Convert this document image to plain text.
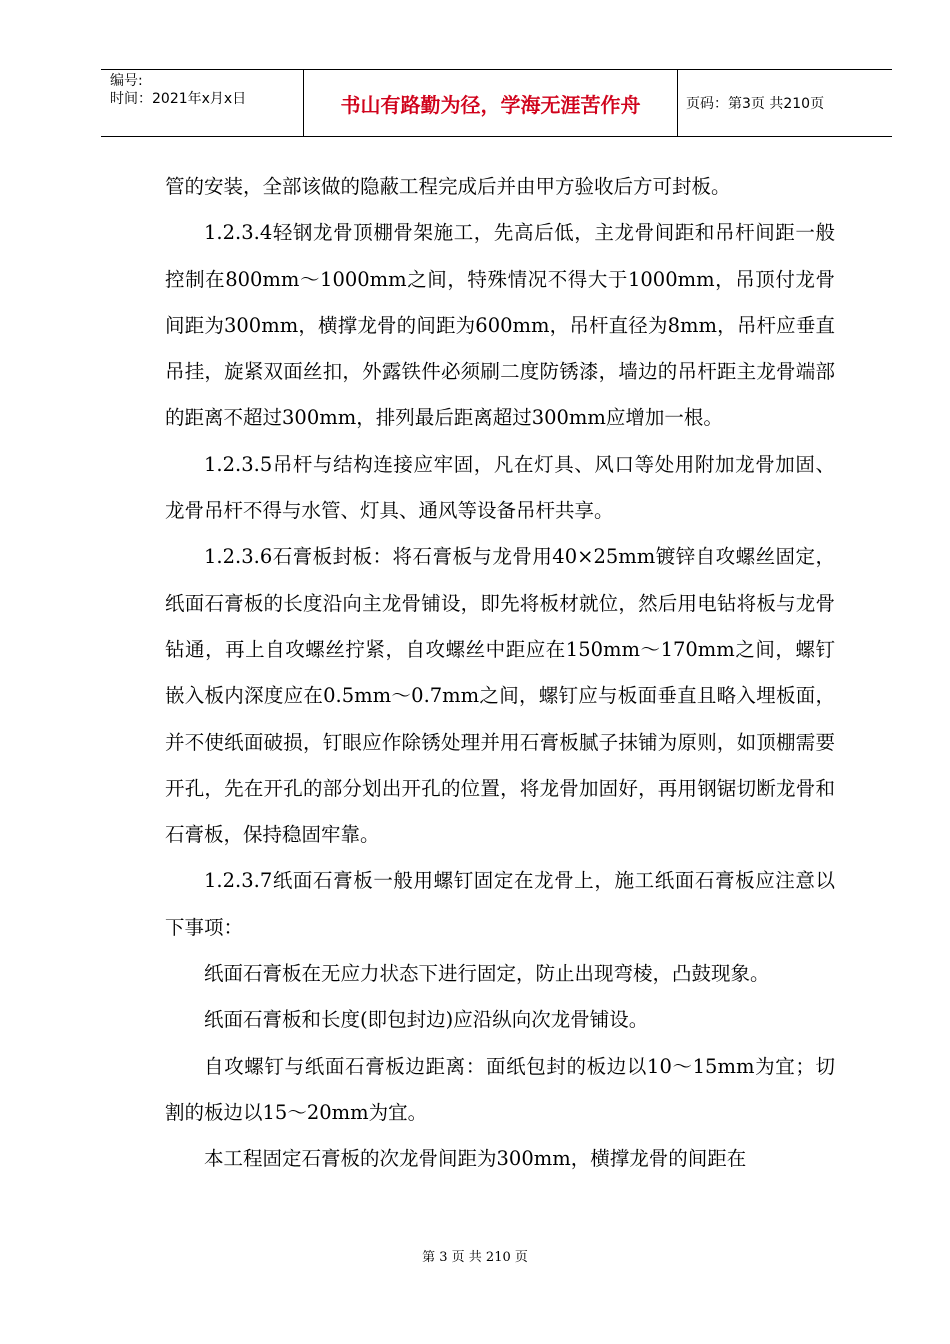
编号:
时间：2021年x月x日	书山有路勤为径，学海无涯苦作舟	页码：第3页 共210页

管的安装，全部该做的隐蔽工程完成后并由甲方验收后方可封板。

1.2.3.4轻钢龙骨顶棚骨架施工，先高后低，主龙骨间距和吊杆间距一般控制在800mm～1000mm之间，特殊情况不得大于1000mm，吊顶付龙骨间距为300mm，横撑龙骨的间距为600mm，吊杆直径为8mm，吊杆应垂直吊挂，旋紧双面丝扣，外露铁件必须刷二度防锈漆，墙边的吊杆距主龙骨端部的距离不超过300mm，排列最后距离超过300mm应增加一根。

1.2.3.5吊杆与结构连接应牢固，凡在灯具、风口等处用附加龙骨加固、龙骨吊杆不得与水管、灯具、通风等设备吊杆共享。

1.2.3.6石膏板封板：将石膏板与龙骨用40×25mm镀锌自攻螺丝固定，纸面石膏板的长度沿向主龙骨铺设，即先将板材就位，然后用电钻将板与龙骨钻通，再上自攻螺丝拧紧，自攻螺丝中距应在150mm～170mm之间，螺钉嵌入板内深度应在0.5mm～0.7mm之间，螺钉应与板面垂直且略入埋板面，并不使纸面破损，钉眼应作除锈处理并用石膏板腻子抹铺为原则，如顶棚需要开孔，先在开孔的部分划出开孔的位置，将龙骨加固好，再用钢锯切断龙骨和石膏板，保持稳固牢靠。

1.2.3.7纸面石膏板一般用螺钉固定在龙骨上，施工纸面石膏板应注意以下事项：

纸面石膏板在无应力状态下进行固定，防止出现弯棱，凸鼓现象。

纸面石膏板和长度(即包封边)应沿纵向次龙骨铺设。

自攻螺钉与纸面石膏板边距离：面纸包封的板边以10～15mm为宜；切割的板边以15～20mm为宜。

本工程固定石膏板的次龙骨间距为300mm，横撑龙骨的间距在

第 3 页 共 210 页
